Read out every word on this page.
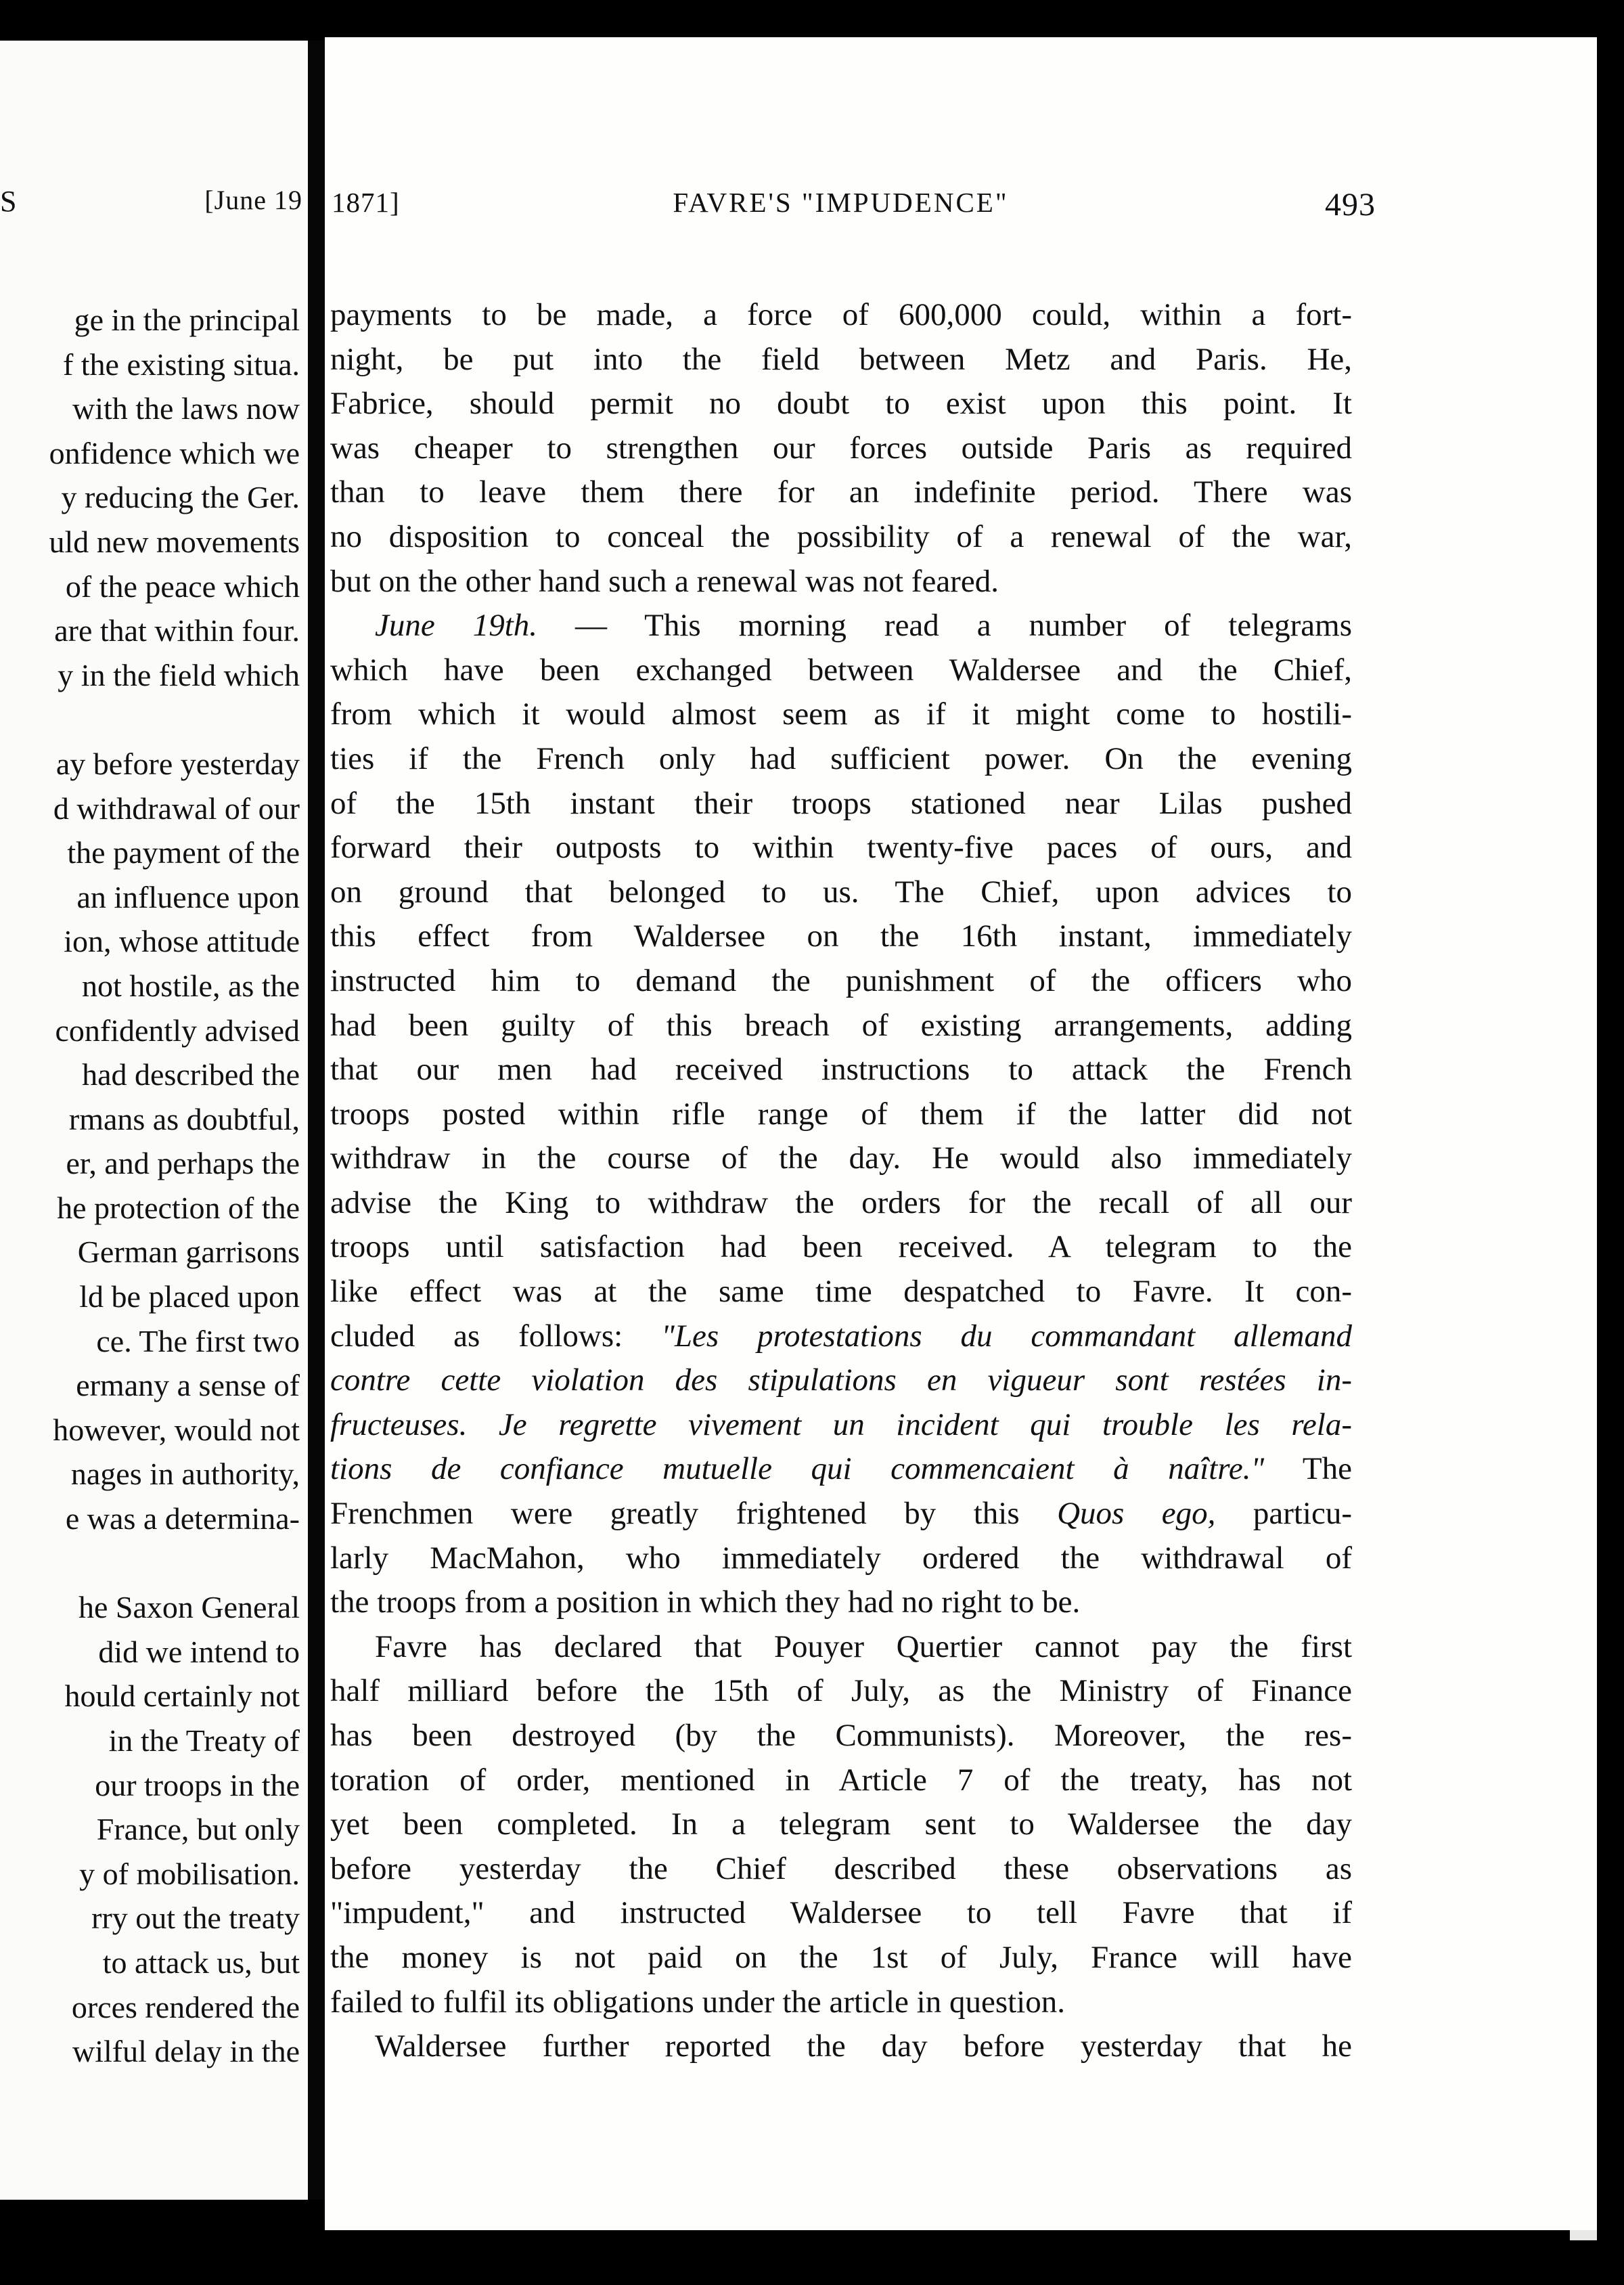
S	[June 19
ge in the principal
f the existing situa.
with the laws now
onfidence which we
y reducing the Ger.
uld new movements
of the peace which
are that within four.
y in the field which
ay before yesterday
d withdrawal of our
the payment of the
an influence upon
ion, whose attitude
not hostile, as the
confidently advised
had described the
rmans as doubtful,
er, and perhaps the
he protection of the
German garrisons
ld be placed upon
ce. The first two
ermany a sense of
however, would not
nages in authority,
e was a determina-
he Saxon General
did we intend to
hould certainly not
in the Treaty of
our troops in the
France, but only
y of mobilisation.
rry out the treaty
to attack us, but
orces rendered the
wilful delay in the
1871]	FAVRE'S "IMPUDENCE"	493
payments to be made, a force of 600,000 could, within a fort-
night, be put into the field between Metz and Paris. He,
Fabrice, should permit no doubt to exist upon this point. It
was cheaper to strengthen our forces outside Paris as required
than to leave them there for an indefinite period. There was
no disposition to conceal the possibility of a renewal of the war,
but on the other hand such a renewal was not feared.
June 19th. — This morning read a number of telegrams
which have been exchanged between Waldersee and the Chief,
from which it would almost seem as if it might come to hostili-
ties if the French only had sufficient power. On the evening
of the 15th instant their troops stationed near Lilas pushed
forward their outposts to within twenty-five paces of ours, and
on ground that belonged to us. The Chief, upon advices to
this effect from Waldersee on the 16th instant, immediately
instructed him to demand the punishment of the officers who
had been guilty of this breach of existing arrangements, adding
that our men had received instructions to attack the French
troops posted within rifle range of them if the latter did not
withdraw in the course of the day. He would also immediately
advise the King to withdraw the orders for the recall of all our
troops until satisfaction had been received. A telegram to the
like effect was at the same time despatched to Favre. It con-
cluded as follows: "Les protestations du commandant allemand
contre cette violation des stipulations en vigueur sont restées in-
fructeuses. Je regrette vivement un incident qui trouble les rela-
tions de confiance mutuelle qui commencaient à naître." The
Frenchmen were greatly frightened by this Quos ego, particu-
larly MacMahon, who immediately ordered the withdrawal of
the troops from a position in which they had no right to be.
Favre has declared that Pouyer Quertier cannot pay the first
half milliard before the 15th of July, as the Ministry of Finance
has been destroyed (by the Communists). Moreover, the res-
toration of order, mentioned in Article 7 of the treaty, has not
yet been completed. In a telegram sent to Waldersee the day
before yesterday the Chief described these observations as
"impudent," and instructed Waldersee to tell Favre that if
the money is not paid on the 1st of July, France will have
failed to fulfil its obligations under the article in question.
Waldersee further reported the day before yesterday that he
